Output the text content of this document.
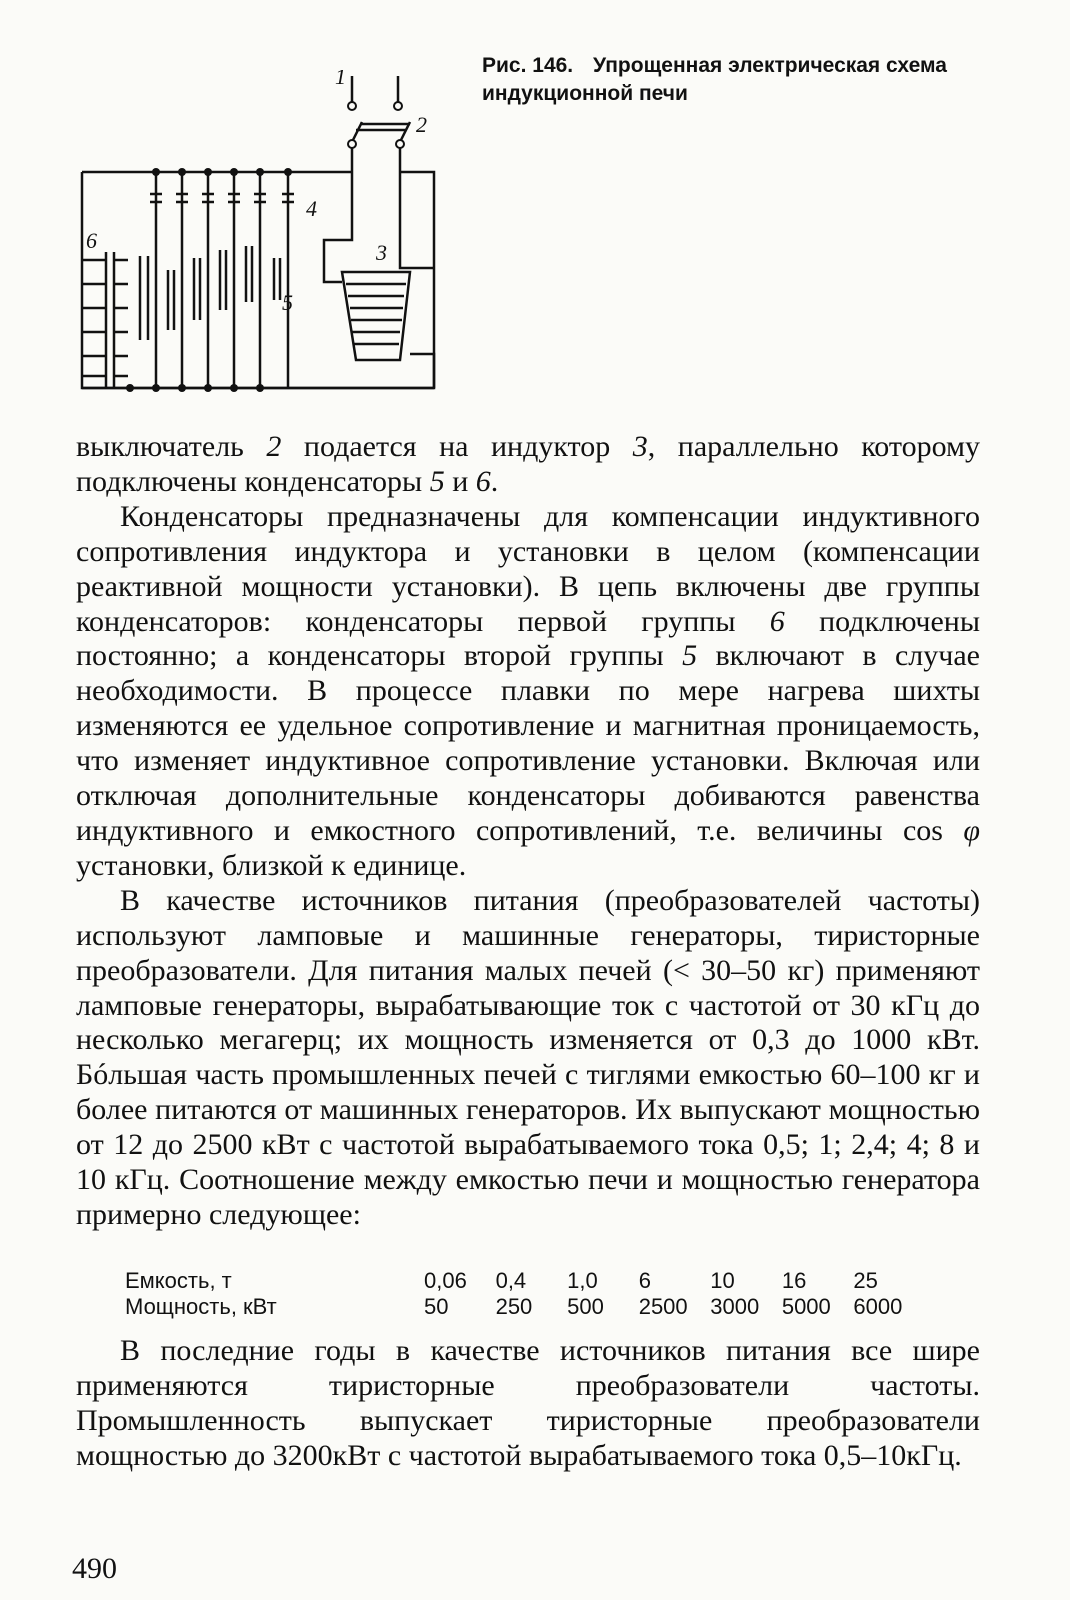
1
2
3
4
5
6
Рис. 146. Упрощенная электрическая схема индукционной печи

выключатель 2 подается на индуктор 3, параллельно которому подключены конденсаторы 5 и 6.

Конденсаторы предназначены для компенсации индуктивного сопротивления индуктора и установки в целом (компенсации реактивной мощности установки). В цепь включены две группы конденсаторов: конденсаторы первой группы 6 подключены постоянно; а конденсаторы второй группы 5 включают в случае необходимости. В процессе плавки по мере нагрева шихты изменяются ее удельное сопротивление и магнитная проницаемость, что изменяет индуктивное сопротивление установки. Включая или отключая дополнительные конденсаторы добиваются равенства индуктивного и емкостного сопротивлений, т.е. величины cos φ установки, близкой к единице.

В качестве источников питания (преобразователей частоты) используют ламповые и машинные генераторы, тиристорные преобразователи. Для питания малых печей (< 30–50 кг) применяют ламповые генераторы, вырабатывающие ток с частотой от 30 кГц до несколько мегагерц; их мощность изменяется от 0,3 до 1000 кВт. Бóльшая часть промышленных печей с тиглями емкостью 60–100 кг и более питаются от машинных генераторов. Их выпускают мощностью от 12 до 2500 кВт с частотой вырабатываемого тока 0,5; 1; 2,4; 4; 8 и 10 кГц. Соотношение между емкостью печи и мощностью генератора примерно следующее:

Емкость, т	0,06	0,4	1,0	6	10	16	25
Мощность, кВт	50	250	500	2500	3000	5000	6000

В последние годы в качестве источников питания все шире применяются тиристорные преобразователи частоты. Промышленность выпускает тиристорные преобразователи мощностью до 3200кВт с частотой вырабатываемого тока 0,5–10кГц.

490
